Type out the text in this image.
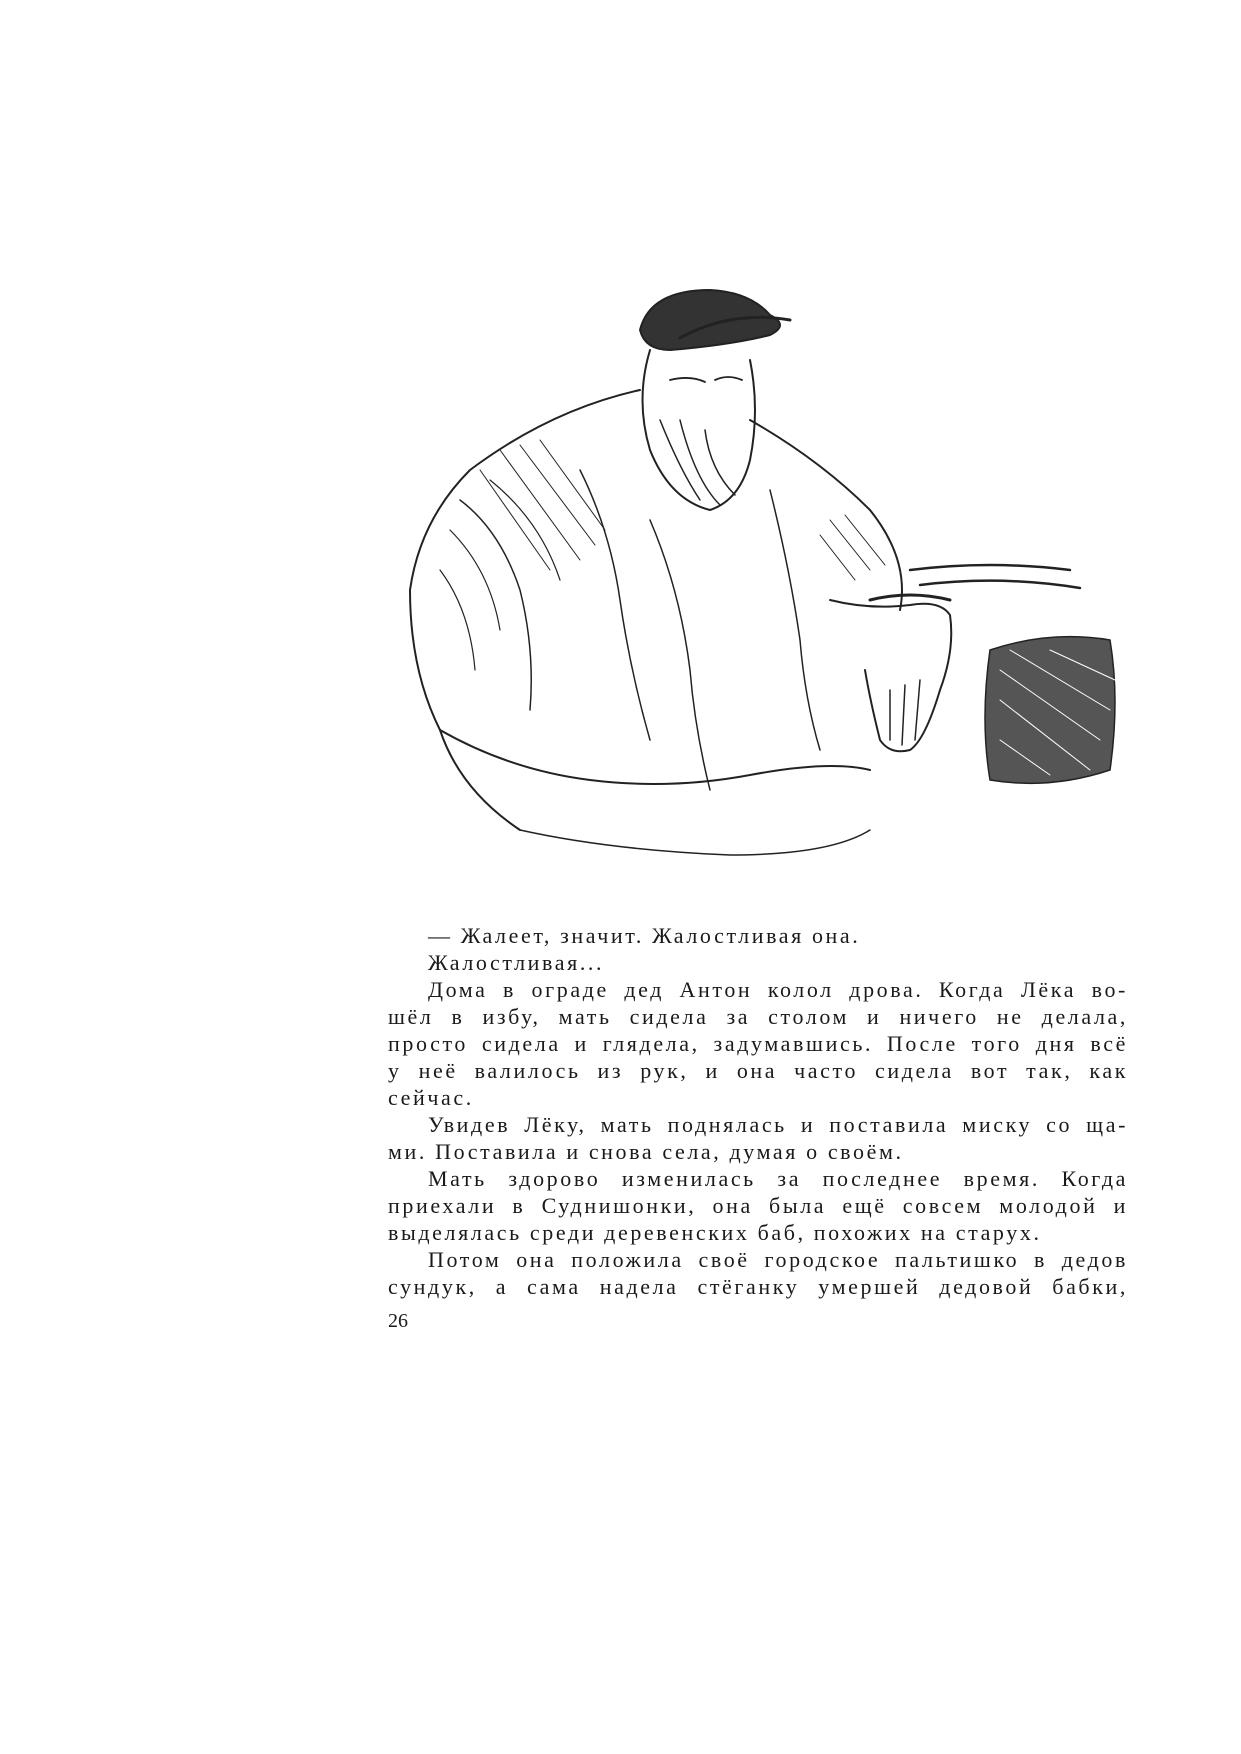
— Жалеет, значит. Жалостливая она.
Жалостливая...
Дома в ограде дед Антон колол дрова. Когда Лёка во-
шёл в избу, мать сидела за столом и ничего не делала,
просто сидела и глядела, задумавшись. После того дня всё
у неё валилось из рук, и она часто сидела вот так, как
сейчас.
Увидев Лёку, мать поднялась и поставила миску со ща-
ми. Поставила и снова села, думая о своём.
Мать здорово изменилась за последнее время. Когда
приехали в Суднишонки, она была ещё совсем молодой и
выделялась среди деревенских баб, похожих на старух.
Потом она положила своё городское пальтишко в дедов
сундук, а сама надела стёганку умершей дедовой бабки,
26
